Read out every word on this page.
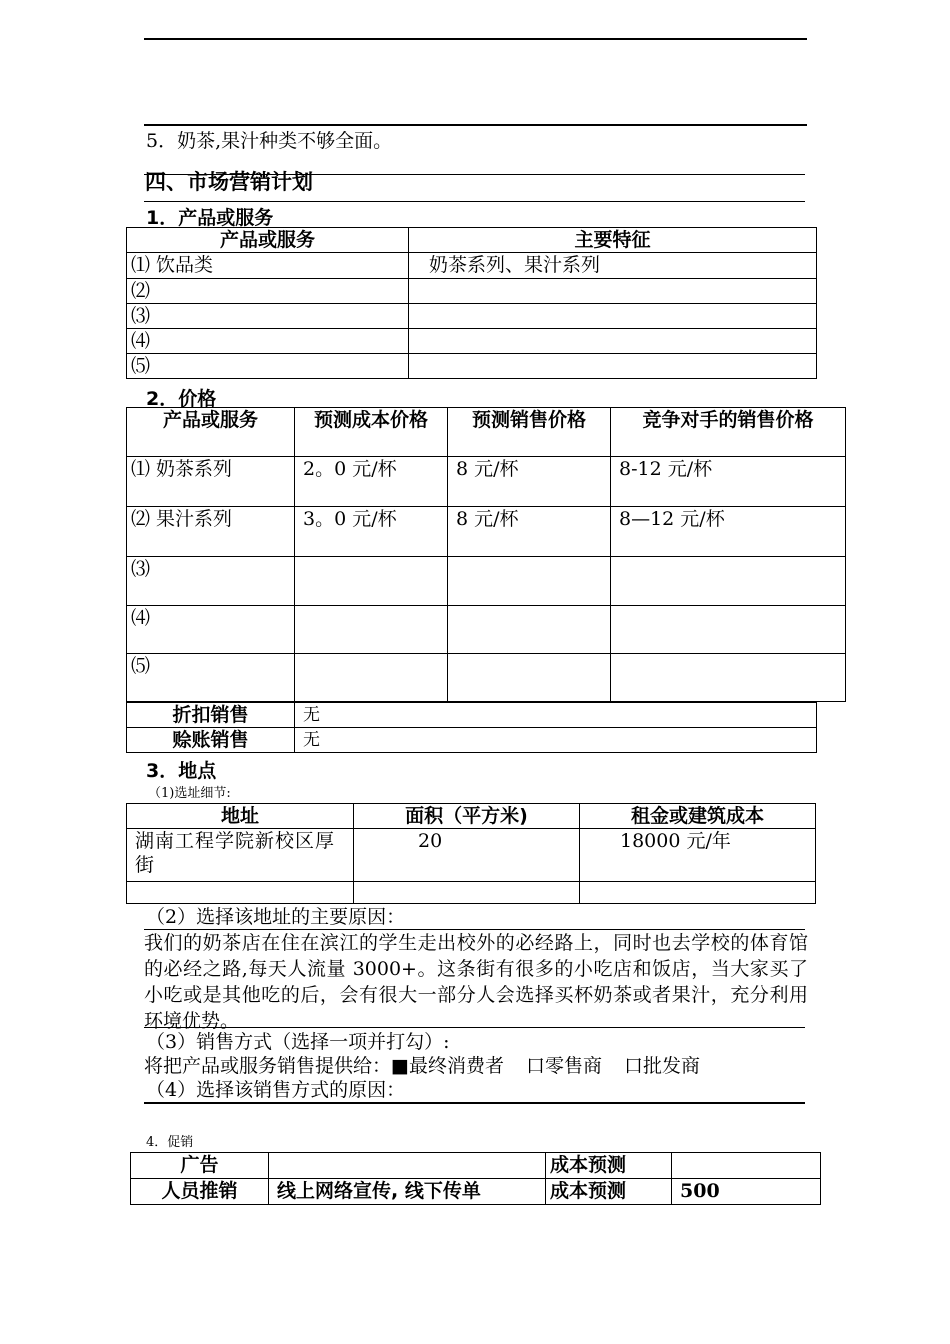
5．奶茶,果汁种类不够全面。
四、市场营销计划
1．产品或服务
产品或服务	主要特征
⑴ 饮品类	奶茶系列、果汁系列
⑵	
⑶	
⑷	
⑸	
2．价格
产品或服务	预测成本价格	预测销售价格	竞争对手的销售价格
⑴ 奶茶系列	2。0 元/杯	8 元/杯	8-12 元/杯
⑵ 果汁系列	3。0 元/杯	8 元/杯	8—12 元/杯
⑶			
⑷			
⑸			
折扣销售	无
赊账销售	无
3．地点
（1)选址细节:
地址	面积（平方米)	租金或建筑成本
湖南工程学院新校区厚街	20	18000 元/年

（2）选择该地址的主要原因：
我们的奶茶店在住在滨江的学生走出校外的必经路上，同时也去学校的体育馆的必经之路,每天人流量 3000+。这条街有很多的小吃店和饭店，当大家买了小吃或是其他吃的后，会有很大一部分人会选择买杯奶茶或者果汁，充分利用环境优势。
（3）销售方式（选择一项并打勾）:
将把产品或服务销售提供给：■最终消费者 口零售商 口批发商
（4）选择该销售方式的原因：
4．促销
广告		成本预测	
人员推销	线上网络宣传, 线下传单	成本预测	500
